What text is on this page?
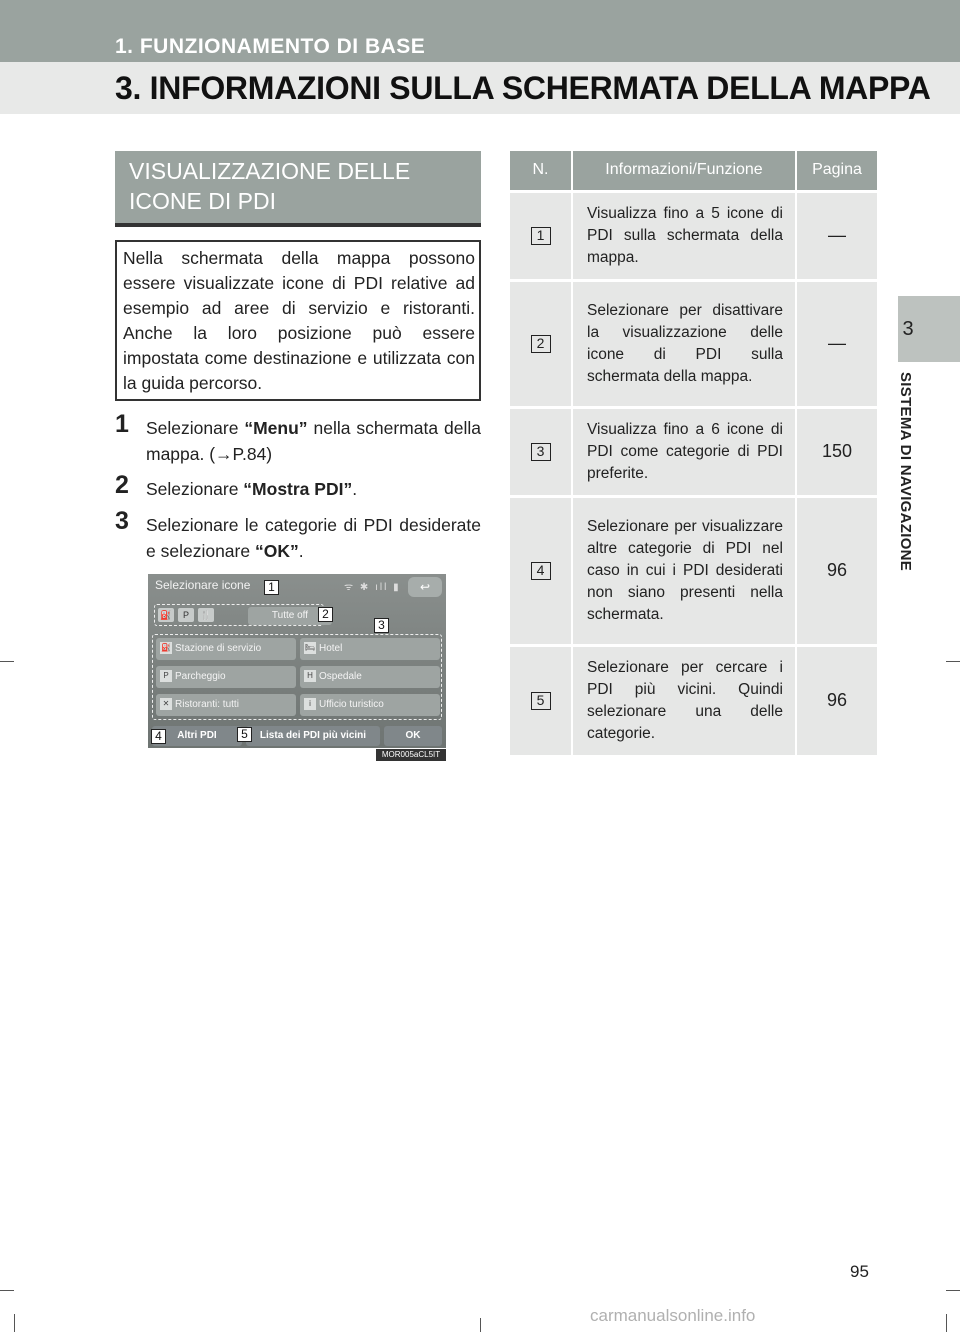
1. FUNZIONAMENTO DI BASE
3. INFORMAZIONI SULLA SCHERMATA DELLA MAPPA
3
SISTEMA DI NAVIGAZIONE
VISUALIZZAZIONE DELLE
ICONE DI PDI
Nella schermata della mappa possono essere visualizzate icone di PDI relative ad esempio ad aree di servizio e ristoranti. Anche la loro posizione può essere impostata come destinazione e utilizzata con la guida percorso.
1 Selezionare “Menu” nella schermata della mappa. (→P.84)
2 Selezionare “Mostra PDI”.
3 Selezionare le categorie di PDI desiderate e selezionare “OK”.
Selezionare icone	ᯤ ✱ ıll ▮	↩
⛽	P	🍴	Tutte off
⛽ Stazione di servizio	🛏 Hotel
P Parcheggio	H Ospedale
✕ Ristoranti: tutti	i Ufficio turistico
Altri PDI	Lista dei PDI più vicini	OK
MOR005aCL5IT
1
2
3
4	5
N.	Informazioni/Funzione	Pagina
1	Visualizza fino a 5 icone di PDI sulla schermata della mappa.	—
2	Selezionare per disattivare la visualizzazione delle icone di PDI sulla schermata della mappa.	—
3	Visualizza fino a 6 icone di PDI come categorie di PDI preferite.	150
4	Selezionare per visualizzare altre categorie di PDI nel caso in cui i PDI desiderati non siano presenti nella schermata.	96
5	Selezionare per cercare i PDI più vicini. Quindi selezionare una delle categorie.	96
95
carmanualsonline.info
